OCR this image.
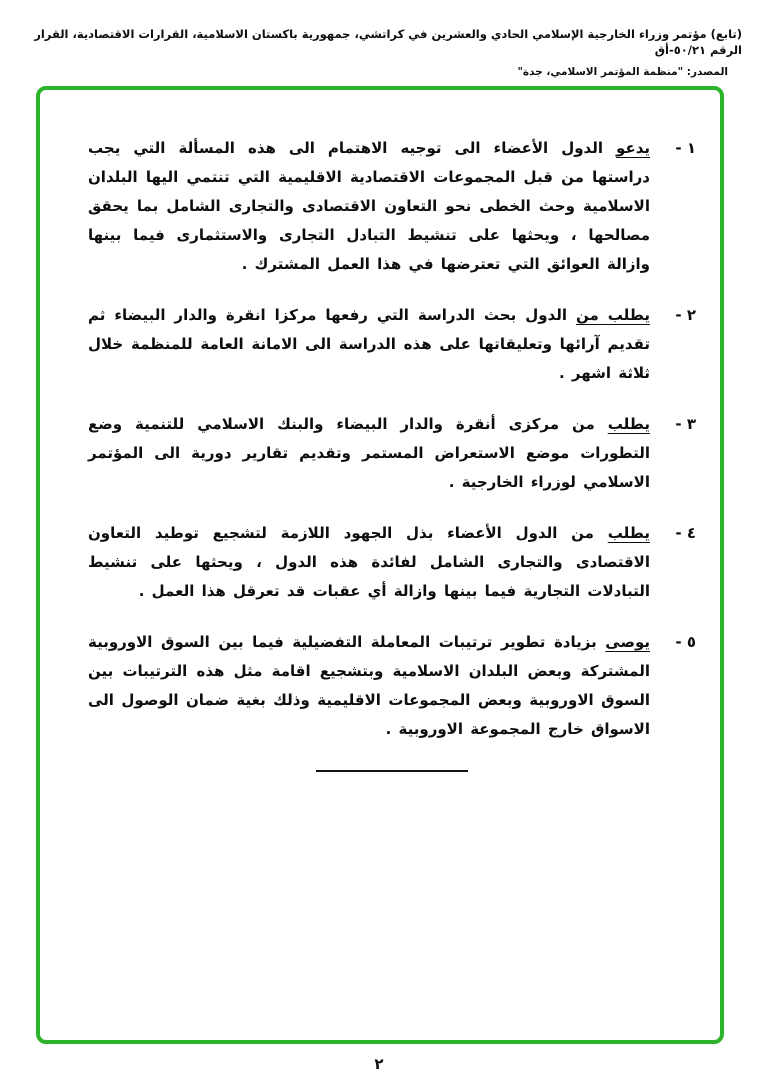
(تابع) مؤتمر وزراء الخارجية الإسلامي الحادي والعشرين في كراتشي، جمهورية باكستان الاسلامية، القرارات الاقتصادية، القرار الرقم ٥٠/٢١-أق
المصدر: "منظمة المؤتمر الاسلامي، جدة"
١ -
يدعو الدول الأعضاء الى توجيه الاهتمام الى هذه المسألة التي يجب دراستها من قبل المجموعات الاقتصادية الاقليمية التي تنتمي اليها البلدان الاسلامية وحث الخطى نحو التعاون الاقتصادى والتجارى الشامل بما يحقق مصالحها ، ويحثها على تنشيط التبادل التجارى والاستثمارى فيما بينها وازالة العوائق التي تعترضها في هذا العمل المشترك .
٢ -
يطلب من الدول بحث الدراسة التي رفعها مركزا انقرة والدار البيضاء ثم تقديم آرائها وتعليقاتها على هذه الدراسة الى الامانة العامة للمنظمة خلال ثلاثة اشهر .
٣ -
يطلب من مركزى أنقرة والدار البيضاء والبنك الاسلامي للتنمية وضع التطورات موضع الاستعراض المستمر وتقديم تقارير دورية الى المؤتمر الاسلامي لوزراء الخارجية .
٤ -
يطلب من الدول الأعضاء بذل الجهود اللازمة لتشجيع توطيد التعاون الاقتصادى والتجارى الشامل لفائدة هذه الدول ، ويحثها على تنشيط التبادلات التجارية فيما بينها وازالة أي عقبات قد تعرقل هذا العمل .
٥ -
يوصى بزيادة تطوير ترتيبات المعاملة التفضيلية فيما بين السوق الاوروبية المشتركة وبعض البلدان الاسلامية وبتشجيع اقامة مثل هذه الترتيبات بين السوق الاوروبية وبعض المجموعات الاقليمية وذلك بغية ضمان الوصول الى الاسواق خارج المجموعة الاوروبية .
٢
